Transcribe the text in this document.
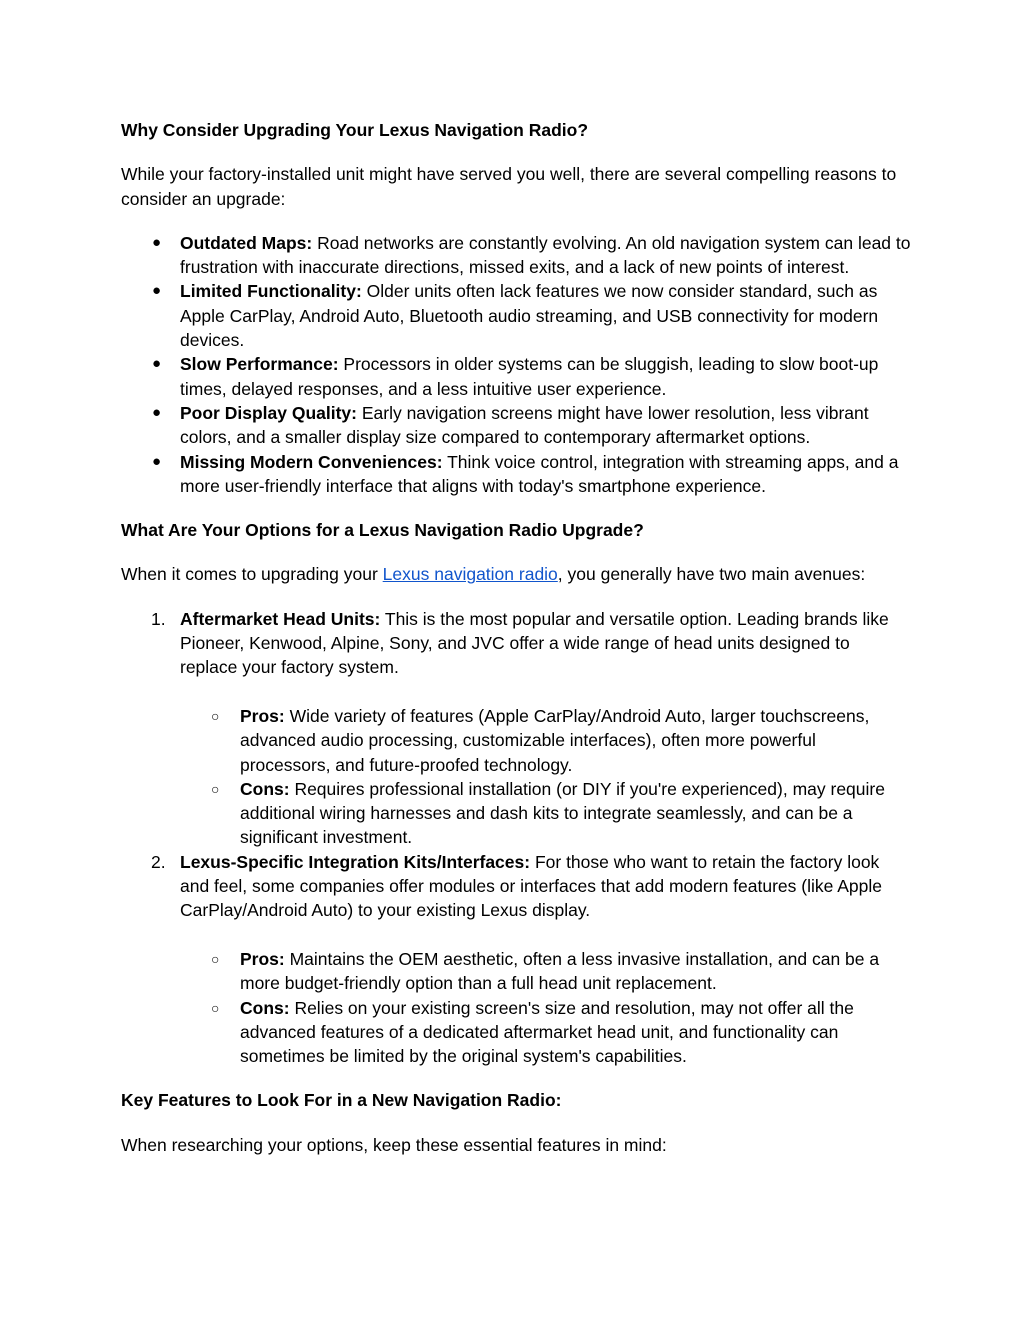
Why Consider Upgrading Your Lexus Navigation Radio?

While your factory-installed unit might have served you well, there are several compelling reasons to consider an upgrade:

● Outdated Maps: Road networks are constantly evolving. An old navigation system can lead to frustration with inaccurate directions, missed exits, and a lack of new points of interest.
● Limited Functionality: Older units often lack features we now consider standard, such as Apple CarPlay, Android Auto, Bluetooth audio streaming, and USB connectivity for modern devices.
● Slow Performance: Processors in older systems can be sluggish, leading to slow boot-up times, delayed responses, and a less intuitive user experience.
● Poor Display Quality: Early navigation screens might have lower resolution, less vibrant colors, and a smaller display size compared to contemporary aftermarket options.
● Missing Modern Conveniences: Think voice control, integration with streaming apps, and a more user-friendly interface that aligns with today's smartphone experience.
What Are Your Options for a Lexus Navigation Radio Upgrade?

When it comes to upgrading your Lexus navigation radio, you generally have two main avenues:

1. Aftermarket Head Units: This is the most popular and versatile option. Leading brands like Pioneer, Kenwood, Alpine, Sony, and JVC offer a wide range of head units designed to replace your factory system.
○ Pros: Wide variety of features (Apple CarPlay/Android Auto, larger touchscreens, advanced audio processing, customizable interfaces), often more powerful processors, and future-proofed technology.
○ Cons: Requires professional installation (or DIY if you're experienced), may require additional wiring harnesses and dash kits to integrate seamlessly, and can be a significant investment.
2. Lexus-Specific Integration Kits/Interfaces: For those who want to retain the factory look and feel, some companies offer modules or interfaces that add modern features (like Apple CarPlay/Android Auto) to your existing Lexus display.
○ Pros: Maintains the OEM aesthetic, often a less invasive installation, and can be a more budget-friendly option than a full head unit replacement.
○ Cons: Relies on your existing screen's size and resolution, may not offer all the advanced features of a dedicated aftermarket head unit, and functionality can sometimes be limited by the original system's capabilities.
Key Features to Look For in a New Navigation Radio:

When researching your options, keep these essential features in mind:
